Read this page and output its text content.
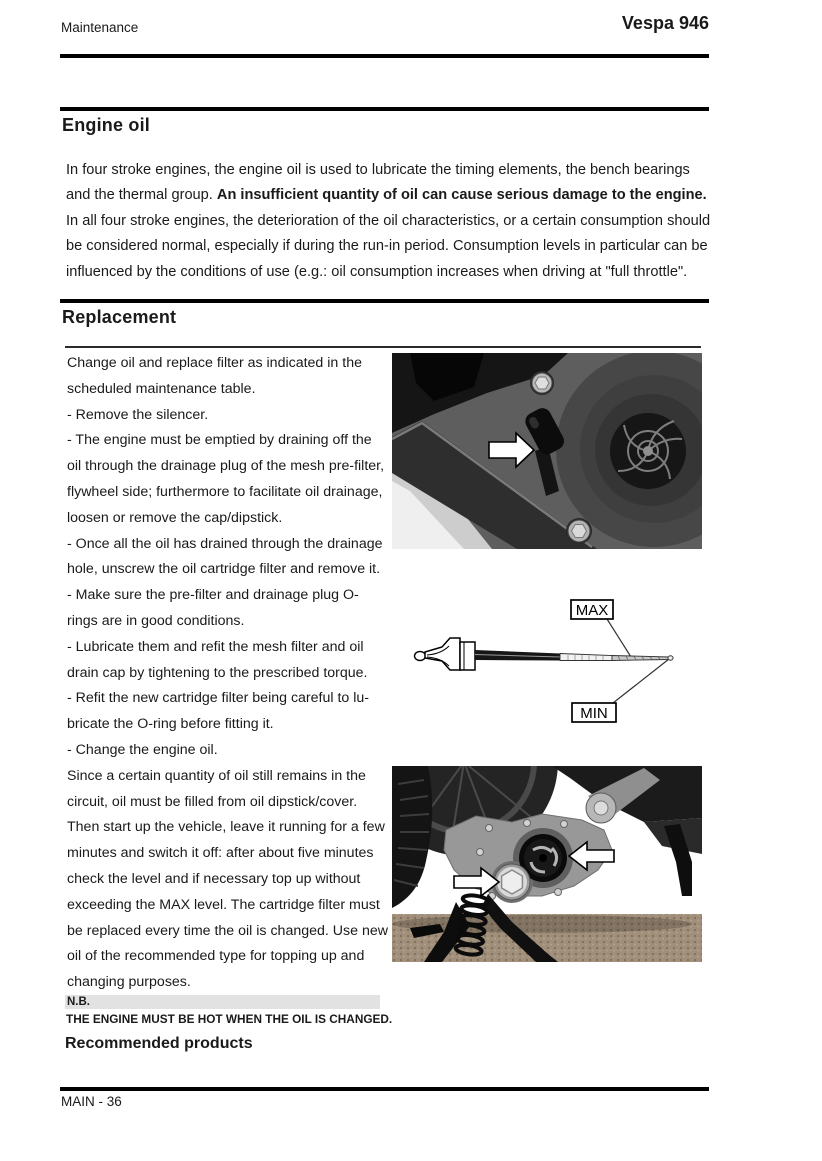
Maintenance	Vespa 946
Engine oil
In four stroke engines, the engine oil is used to lubricate the timing elements, the bench bearings and the thermal group. An insufficient quantity of oil can cause serious damage to the engine.
In all four stroke engines, the deterioration of the oil characteristics, or a certain consumption should be considered normal, especially if during the run-in period. Consumption levels in particular can be influenced by the conditions of use (e.g.: oil consumption increases when driving at "full throttle".
Replacement
Change oil and replace filter as indicated in the
scheduled maintenance table.
- Remove the silencer.
- The engine must be emptied by draining off the
oil through the drainage plug of the mesh pre-filter,
flywheel side; furthermore to facilitate oil drainage,
loosen or remove the cap/dipstick.
- Once all the oil has drained through the drainage
hole, unscrew the oil cartridge filter and remove it.
- Make sure the pre-filter and drainage plug O-
rings are in good conditions.
- Lubricate them and refit the mesh filter and oil
drain cap by tightening to the prescribed torque.
- Refit the new cartridge filter being careful to lu-
bricate the O-ring before fitting it.
- Change the engine oil.
Since a certain quantity of oil still remains in the
circuit, oil must be filled from oil dipstick/cover.
Then start up the vehicle, leave it running for a few
minutes and switch it off: after about five minutes
check the level and if necessary top up without
exceeding the MAX level. The cartridge filter must
be replaced every time the oil is changed. Use new
oil of the recommended type for topping up and
changing purposes.
MAX
MIN
N.B.
THE ENGINE MUST BE HOT WHEN THE OIL IS CHANGED.
Recommended products
MAIN - 36
